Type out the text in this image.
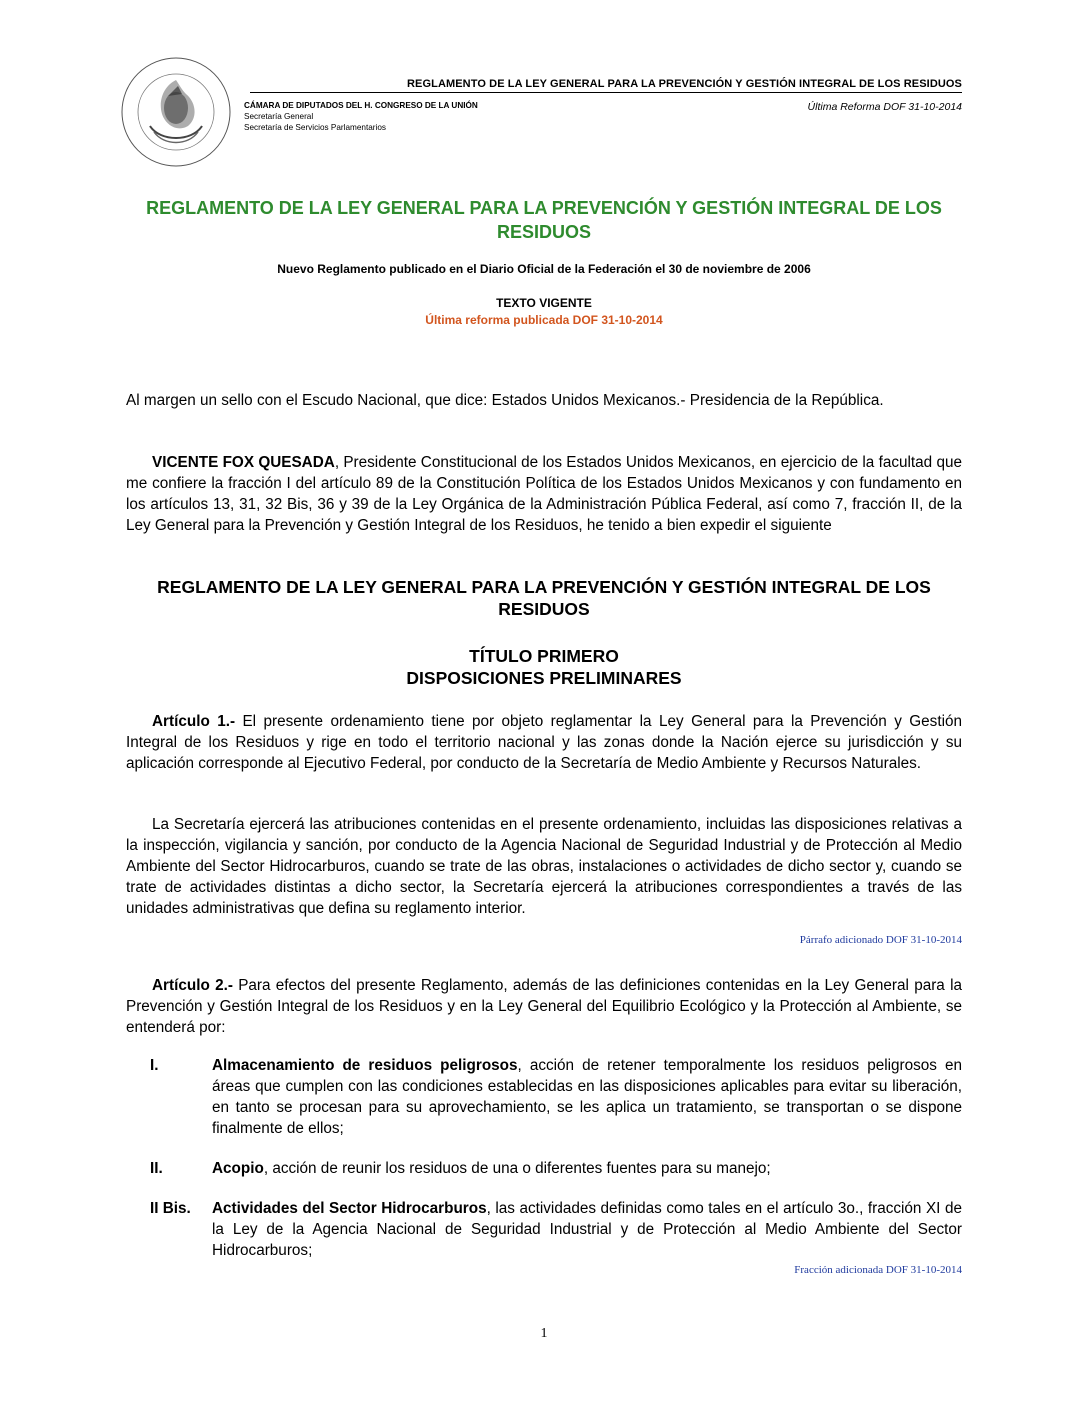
REGLAMENTO DE LA LEY GENERAL PARA LA PREVENCIÓN Y GESTIÓN INTEGRAL DE LOS RESIDUOS
CÁMARA DE DIPUTADOS DEL H. CONGRESO DE LA UNIÓN
Secretaría General
Secretaría de Servicios Parlamentarios
Última Reforma DOF 31-10-2014
REGLAMENTO DE LA LEY GENERAL PARA LA PREVENCIÓN Y GESTIÓN INTEGRAL DE LOS RESIDUOS
Nuevo Reglamento publicado en el Diario Oficial de la Federación el 30 de noviembre de 2006
TEXTO VIGENTE
Última reforma publicada DOF 31-10-2014
Al margen un sello con el Escudo Nacional, que dice: Estados Unidos Mexicanos.- Presidencia de la República.
VICENTE FOX QUESADA, Presidente Constitucional de los Estados Unidos Mexicanos, en ejercicio de la facultad que me confiere la fracción I del artículo 89 de la Constitución Política de los Estados Unidos Mexicanos y con fundamento en los artículos 13, 31, 32 Bis, 36 y 39 de la Ley Orgánica de la Administración Pública Federal, así como 7, fracción II, de la Ley General para la Prevención y Gestión Integral de los Residuos, he tenido a bien expedir el siguiente
REGLAMENTO DE LA LEY GENERAL PARA LA PREVENCIÓN Y GESTIÓN INTEGRAL DE LOS RESIDUOS
TÍTULO PRIMERO
DISPOSICIONES PRELIMINARES
Artículo 1.- El presente ordenamiento tiene por objeto reglamentar la Ley General para la Prevención y Gestión Integral de los Residuos y rige en todo el territorio nacional y las zonas donde la Nación ejerce su jurisdicción y su aplicación corresponde al Ejecutivo Federal, por conducto de la Secretaría de Medio Ambiente y Recursos Naturales.
La Secretaría ejercerá las atribuciones contenidas en el presente ordenamiento, incluidas las disposiciones relativas a la inspección, vigilancia y sanción, por conducto de la Agencia Nacional de Seguridad Industrial y de Protección al Medio Ambiente del Sector Hidrocarburos, cuando se trate de las obras, instalaciones o actividades de dicho sector y, cuando se trate de actividades distintas a dicho sector, la Secretaría ejercerá la atribuciones correspondientes a través de las unidades administrativas que defina su reglamento interior.
Párrafo adicionado DOF 31-10-2014
Artículo 2.- Para efectos del presente Reglamento, además de las definiciones contenidas en la Ley General para la Prevención y Gestión Integral de los Residuos y en la Ley General del Equilibrio Ecológico y la Protección al Ambiente, se entenderá por:
I.	Almacenamiento de residuos peligrosos, acción de retener temporalmente los residuos peligrosos en áreas que cumplen con las condiciones establecidas en las disposiciones aplicables para evitar su liberación, en tanto se procesan para su aprovechamiento, se les aplica un tratamiento, se transportan o se dispone finalmente de ellos;
II.	Acopio, acción de reunir los residuos de una o diferentes fuentes para su manejo;
II Bis. Actividades del Sector Hidrocarburos, las actividades definidas como tales en el artículo 3o., fracción XI de la Ley de la Agencia Nacional de Seguridad Industrial y de Protección al Medio Ambiente del Sector Hidrocarburos;
Fracción adicionada DOF 31-10-2014
1
